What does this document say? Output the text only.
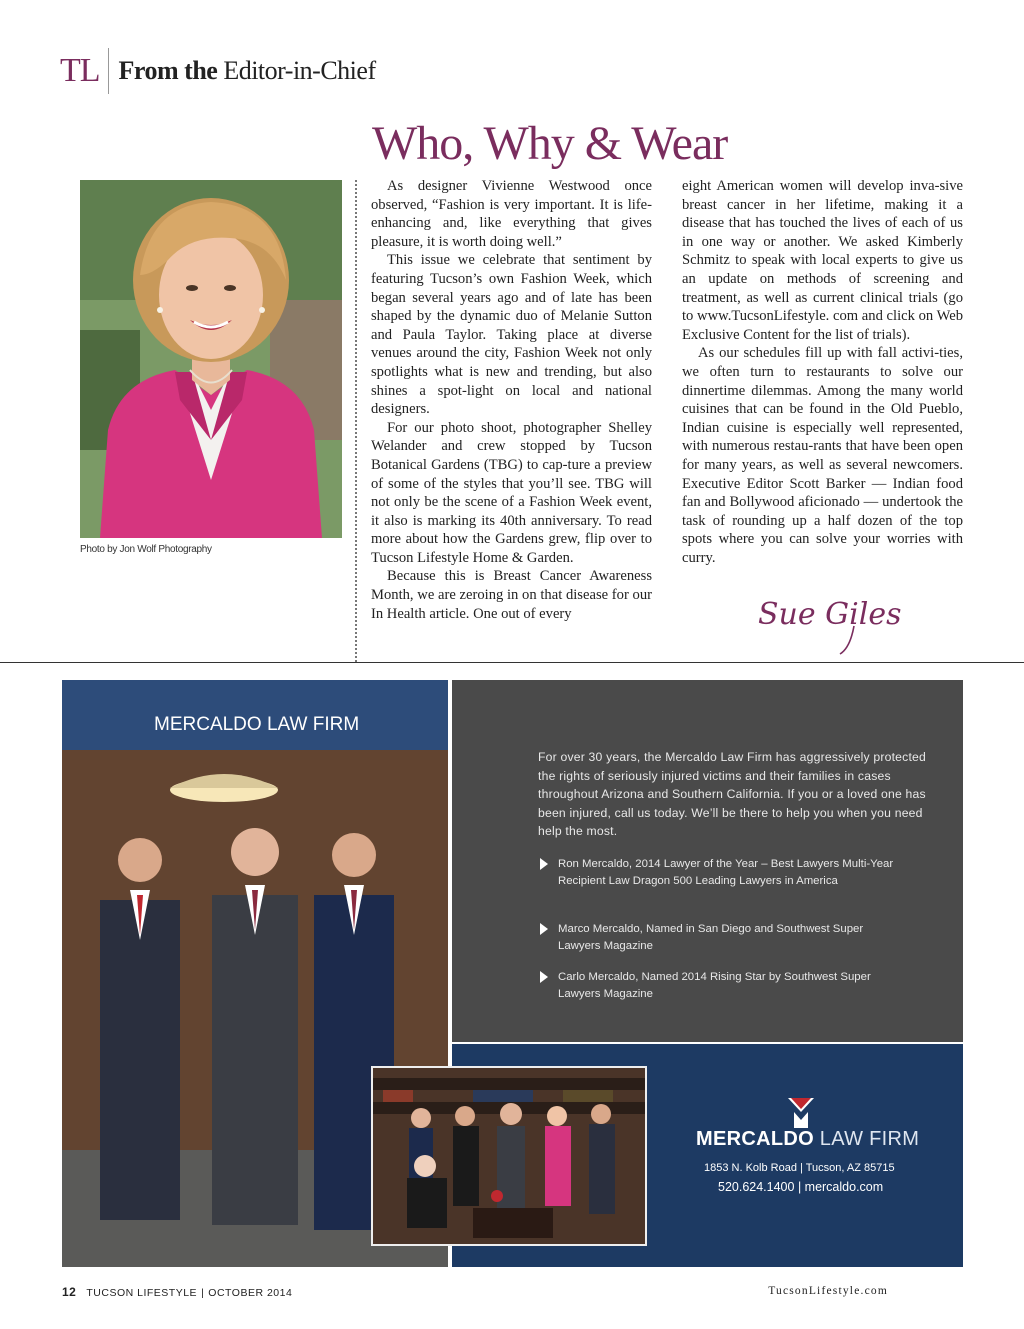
TL From the Editor-in-Chief
Who, Why & Wear
Photo by Jon Wolf Photography

As designer Vivienne Westwood once observed, “Fashion is very important. It is life-enhancing and, like everything that gives pleasure, it is worth doing well.”

This issue we celebrate that sentiment by featuring Tucson’s own Fashion Week, which began several years ago and of late has been shaped by the dynamic duo of Melanie Sutton and Paula Taylor. Taking place at diverse venues around the city, Fashion Week not only spotlights what is new and trending, but also shines a spot-light on local and national designers.

For our photo shoot, photographer Shelley Welander and crew stopped by Tucson Botanical Gardens (TBG) to cap-ture a preview of some of the styles that you’ll see. TBG will not only be the scene of a Fashion Week event, it also is marking its 40th anniversary. To read more about how the Gardens grew, flip over to Tucson Lifestyle Home & Garden.

Because this is Breast Cancer Awareness Month, we are zeroing in on that disease for our In Health article. One out of every

eight American women will develop inva-sive breast cancer in her lifetime, making it a disease that has touched the lives of each of us in one way or another. We asked Kimberly Schmitz to speak with local experts to give us an update on methods of screening and treatment, as well as current clinical trials (go to www.TucsonLifestyle. com and click on Web Exclusive Content for the list of trials).

As our schedules fill up with fall activi-ties, we often turn to restaurants to solve our dinnertime dilemmas. Among the many world cuisines that can be found in the Old Pueblo, Indian cuisine is especially well represented, with numerous restau-rants that have been open for many years, as well as several newcomers. Executive Editor Scott Barker — Indian food fan and Bollywood aficionado — undertook the task of rounding up a half dozen of the top spots where you can solve your worries with curry.

Sue Giles
MERCALDO LAW FIRM
For over 30 years, the Mercaldo Law Firm has aggressively protected the rights of seriously injured victims and their families in cases throughout Arizona and Southern California. If you or a loved one has been injured, call us today. We’ll be there to help you when you need help the most.
Ron Mercaldo, 2014 Lawyer of the Year – Best Lawyers Multi-Year Recipient Law Dragon 500 Leading Lawyers in America
Marco Mercaldo, Named in San Diego and Southwest Super Lawyers Magazine
Carlo Mercaldo, Named 2014 Rising Star by Southwest Super Lawyers Magazine
MERCALDO LAW FIRM
1853 N. Kolb Road | Tucson, AZ 85715
520.624.1400 | mercaldo.com
12 TUCSON LIFESTYLE | OCTOBER 2014	TucsonLifestyle.com
